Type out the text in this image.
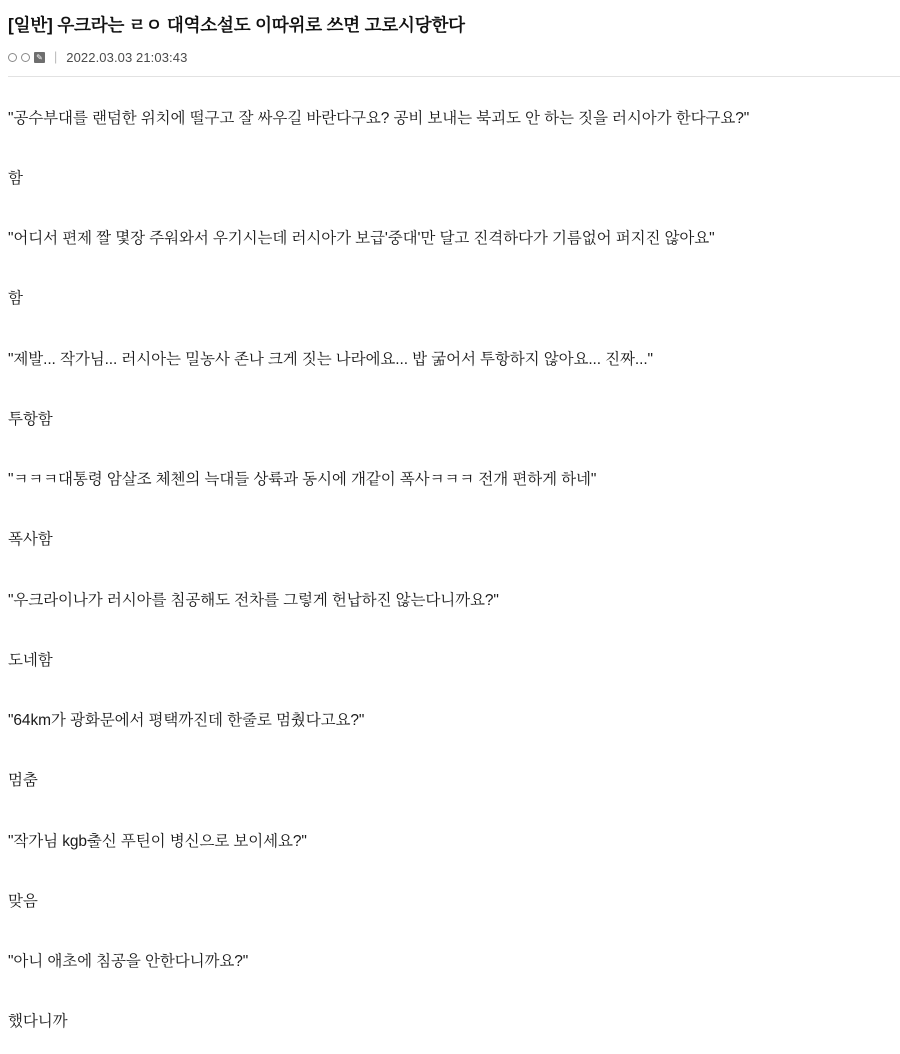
[일반] 우크라는 ㄹㅇ 대역소설도 이따위로 쓰면 고로시당한다
✎ | 2022.03.03 21:03:43

"공수부대를 랜덤한 위치에 떨구고 잘 싸우길 바란다구요? 공비 보내는 북괴도 안 하는 짓을 러시아가 한다구요?"

함

"어디서 편제 짤 몇장 주워와서 우기시는데 러시아가 보급'중대'만 달고 진격하다가 기름없어 퍼지진 않아요"

함

"제발... 작가님... 러시아는 밀농사 존나 크게 짓는 나라에요... 밥 굶어서 투항하지 않아요... 진짜..."

투항함

"ㅋㅋㅋ대통령 암살조 체첸의 늑대들 상륙과 동시에 개같이 폭사ㅋㅋㅋ 전개 편하게 하네"

폭사함

"우크라이나가 러시아를 침공해도 전차를 그렇게 헌납하진 않는다니까요?"

도네함

"64km가 광화문에서 평택까진데 한줄로 멈췄다고요?"

멈춤

"작가님 kgb출신 푸틴이 병신으로 보이세요?"

맞음

"아니 애초에 침공을 안한다니까요?"

했다니까
